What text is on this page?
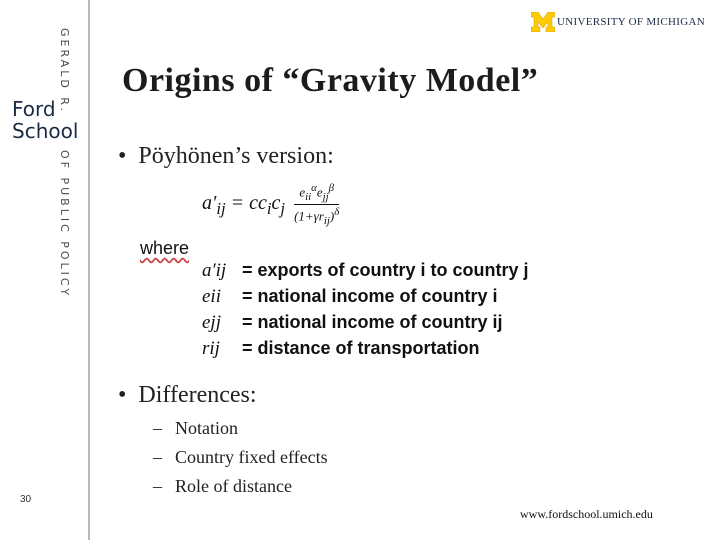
GERALD R.
Ford
School
OF PUBLIC POLICY
30
UNIVERSITY OF MICHIGAN
Origins of “Gravity Model”
• Pöyhönen’s version:
$a'_{ij} = cc_ic_j \frac{e_{ii}^\alpha e_{jj}^\beta}{(1+\gamma r_{ij})^\delta}$
where
a′ij = exports of country i to country j
eii = national income of country i
ejj = national income of country ij
rij = distance of transportation
• Differences:
– Notation
– Country fixed effects
– Role of distance
www.fordschool.umich.edu
